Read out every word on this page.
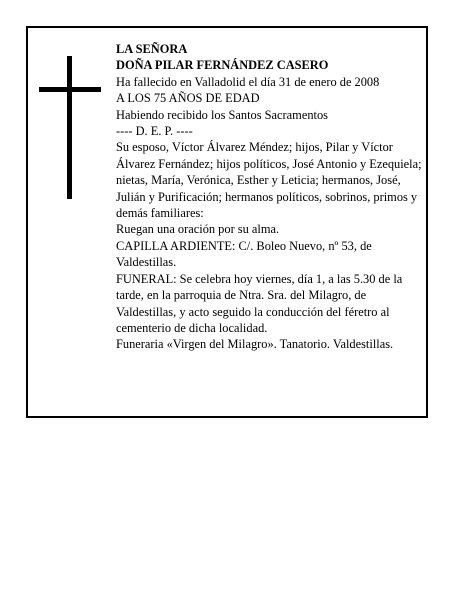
LA SEÑORA
DOÑA PILAR FERNÁNDEZ CASERO
Ha fallecido en Valladolid el día 31 de enero de 2008
A LOS 75 AÑOS DE EDAD
Habiendo recibido los Santos Sacramentos
---- D. E. P. ----
Su esposo, Víctor Álvarez Méndez; hijos, Pilar y Víctor Álvarez Fernández; hijos políticos, José Antonio y Ezequiela; nietas, María, Verónica, Esther y Leticia; hermanos, José, Julián y Purificación; hermanos políticos, sobrinos, primos y demás familiares:
Ruegan una oración por su alma.
CAPILLA ARDIENTE: C/. Boleo Nuevo, nº 53, de Valdestillas.
FUNERAL: Se celebra hoy viernes, día 1, a las 5.30 de la tarde, en la parroquia de Ntra. Sra. del Milagro, de Valdestillas, y acto seguido la conducción del féretro al cementerio de dicha localidad.
Funeraria «Virgen del Milagro». Tanatorio. Valdestillas.
